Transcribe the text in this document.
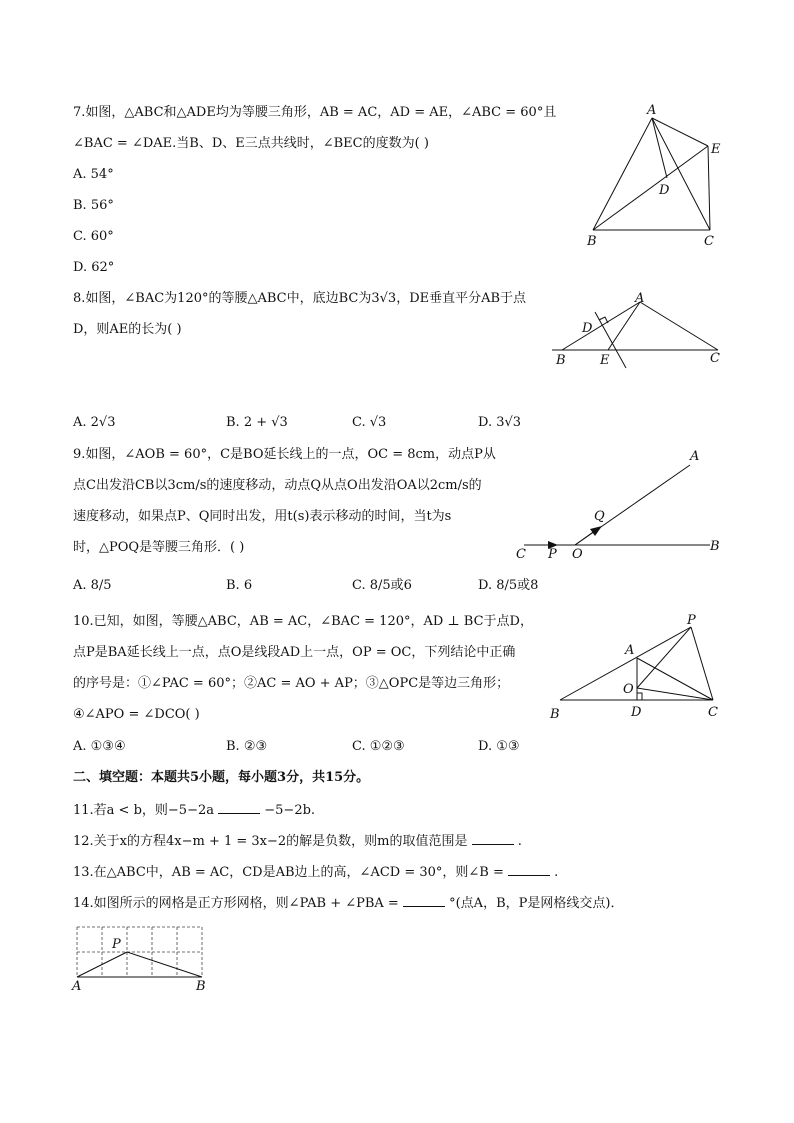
7.如图，△ABC和△ADE均为等腰三角形，AB = AC，AD = AE，∠ABC = 60°且
∠BAC = ∠DAE.当B、D、E三点共线时，∠BEC的度数为( )
A. 54°
B. 56°
C. 60°
D. 62°
A
E
D
B	C
8.如图，∠BAC为120°的等腰△ABC中，底边BC为3√3，DE垂直平分AB于点
D，则AE的长为( )
A
D
B	E	C
A. 2√3	B. 2 + √3	C. √3	D. 3√3
9.如图，∠AOB = 60°，C是BO延长线上的一点，OC = 8cm，动点P从
点C出发沿CB以3cm/s的速度移动，动点Q从点O出发沿OA以2cm/s的
速度移动，如果点P、Q同时出发，用t(s)表示移动的时间，当t为s
时，△POQ是等腰三角形．( )
A
Q
B
C P O
A. 8/5	B. 6	C. 8/5或6	D. 8/5或8
10.已知，如图，等腰△ABC，AB = AC，∠BAC = 120°，AD ⊥ BC于点D，
点P是BA延长线上一点，点O是线段AD上一点，OP = OC，下列结论中正确
的序号是：①∠PAC = 60°；②AC = AO + AP；③△OPC是等边三角形；
④∠APO = ∠DCO( )
P
A
O
B	D	C
A. ①③④	B. ②③	C. ①②③	D. ①③
二、填空题：本题共5小题，每小题3分，共15分。
11.若a < b，则−5−2a	−5−2b.
12.关于x的方程4x−m + 1 = 3x−2的解是负数，则m的取值范围是	.
13.在△ABC中，AB = AC，CD是AB边上的高，∠ACD = 30°，则∠B =	.
14.如图所示的网格是正方形网格，则∠PAB + ∠PBA =	°(点A，B，P是网格线交点)．
P
A	B
